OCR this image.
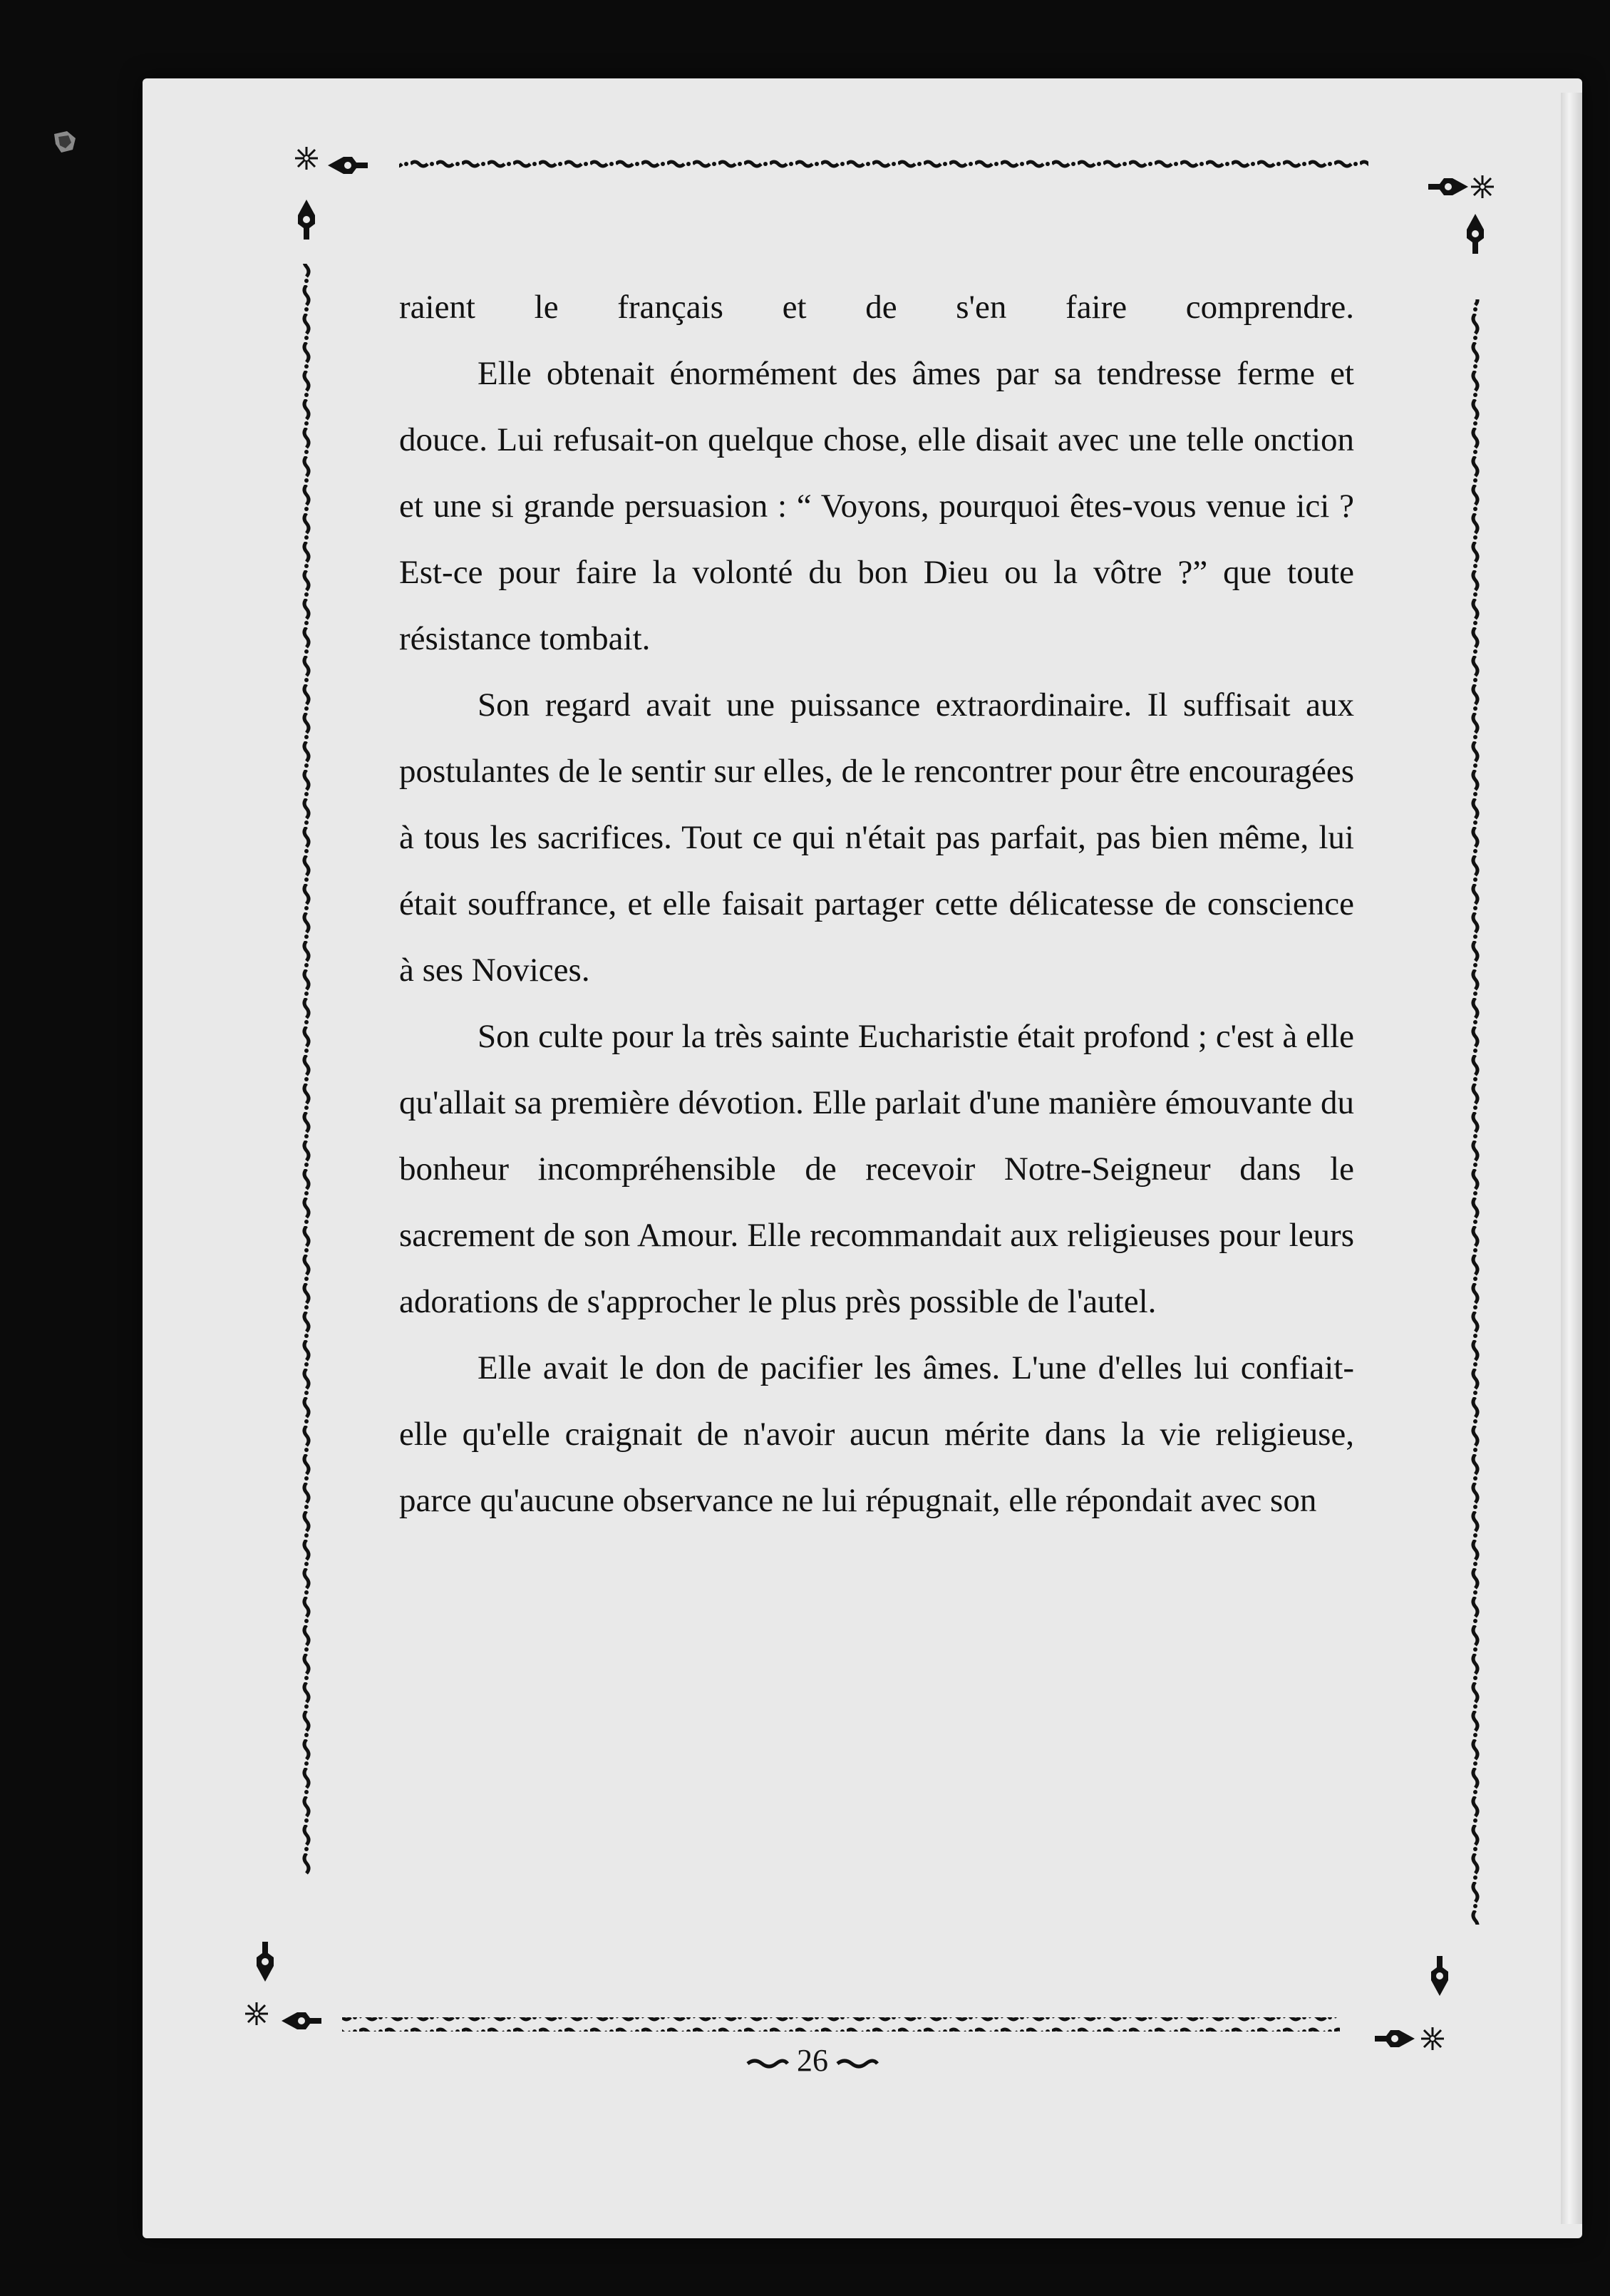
raient le français et de s'en faire comprendre.

Elle obtenait énormément des âmes par sa tendresse ferme et douce. Lui refusait-on quelque chose, elle disait avec une telle onction et une si grande persuasion : “ Voyons, pourquoi êtes-vous venue ici ? Est-ce pour faire la volonté du bon Dieu ou la vôtre ?” que toute résistance tombait.

Son regard avait une puissance extraordinaire. Il suffisait aux postulantes de le sentir sur elles, de le rencontrer pour être encouragées à tous les sacrifices. Tout ce qui n'était pas parfait, pas bien même, lui était souffrance, et elle faisait partager cette délicatesse de conscience à ses Novices.

Son culte pour la très sainte Eucharistie était profond ; c'est à elle qu'allait sa première dévotion. Elle parlait d'une manière émouvante du bonheur incompréhensible de recevoir Notre-Seigneur dans le sacrement de son Amour. Elle recommandait aux religieuses pour leurs adorations de s'approcher le plus près possible de l'autel.

Elle avait le don de pacifier les âmes. L'une d'elles lui confiait-elle qu'elle craignait de n'avoir aucun mérite dans la vie religieuse, parce qu'aucune observance ne lui répugnait, elle répondait avec son

26
